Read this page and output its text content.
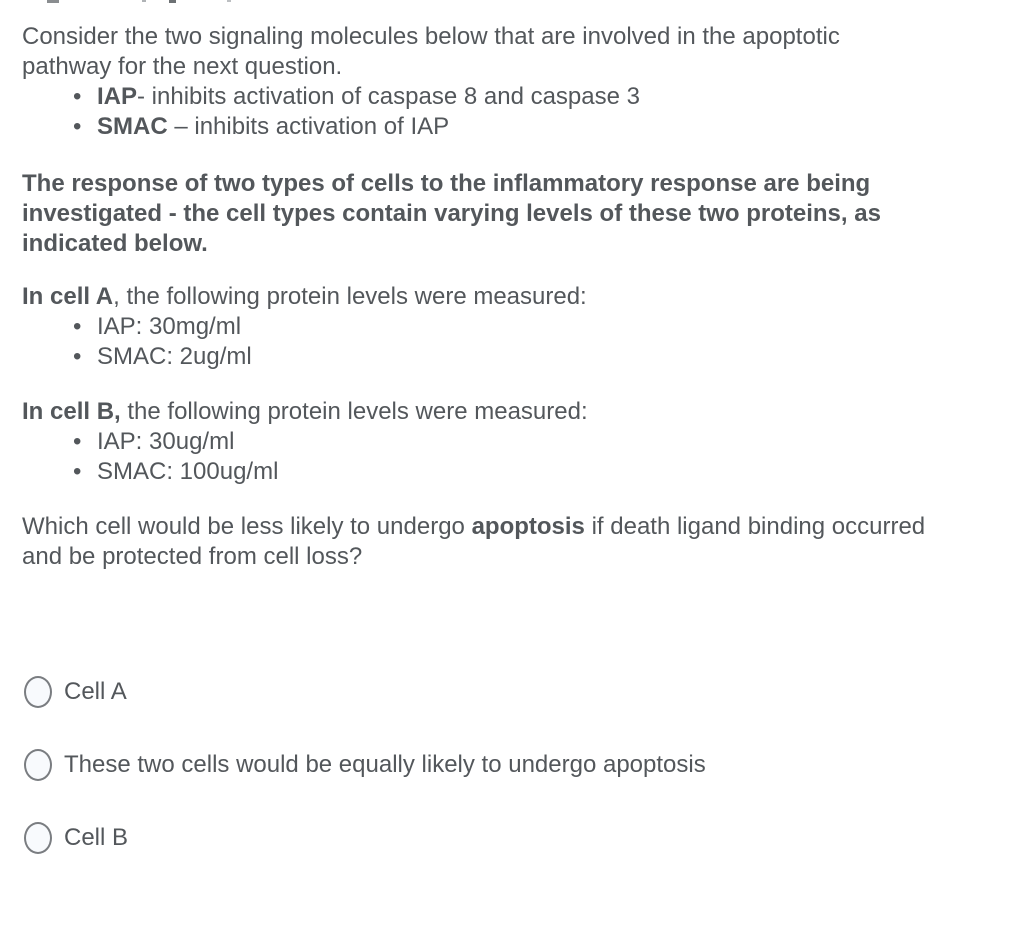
Consider the two signaling molecules below that are involved in the apoptotic
pathway for the next question.
• IAP- inhibits activation of caspase 8 and caspase 3
• SMAC – inhibits activation of IAP
The response of two types of cells to the inflammatory response are being
investigated - the cell types contain varying levels of these two proteins, as
indicated below.
In cell A, the following protein levels were measured:
• IAP: 30mg/ml
• SMAC: 2ug/ml
In cell B, the following protein levels were measured:
• IAP: 30ug/ml
• SMAC: 100ug/ml
Which cell would be less likely to undergo apoptosis if death ligand binding occurred
and be protected from cell loss?
Cell A
These two cells would be equally likely to undergo apoptosis
Cell B
